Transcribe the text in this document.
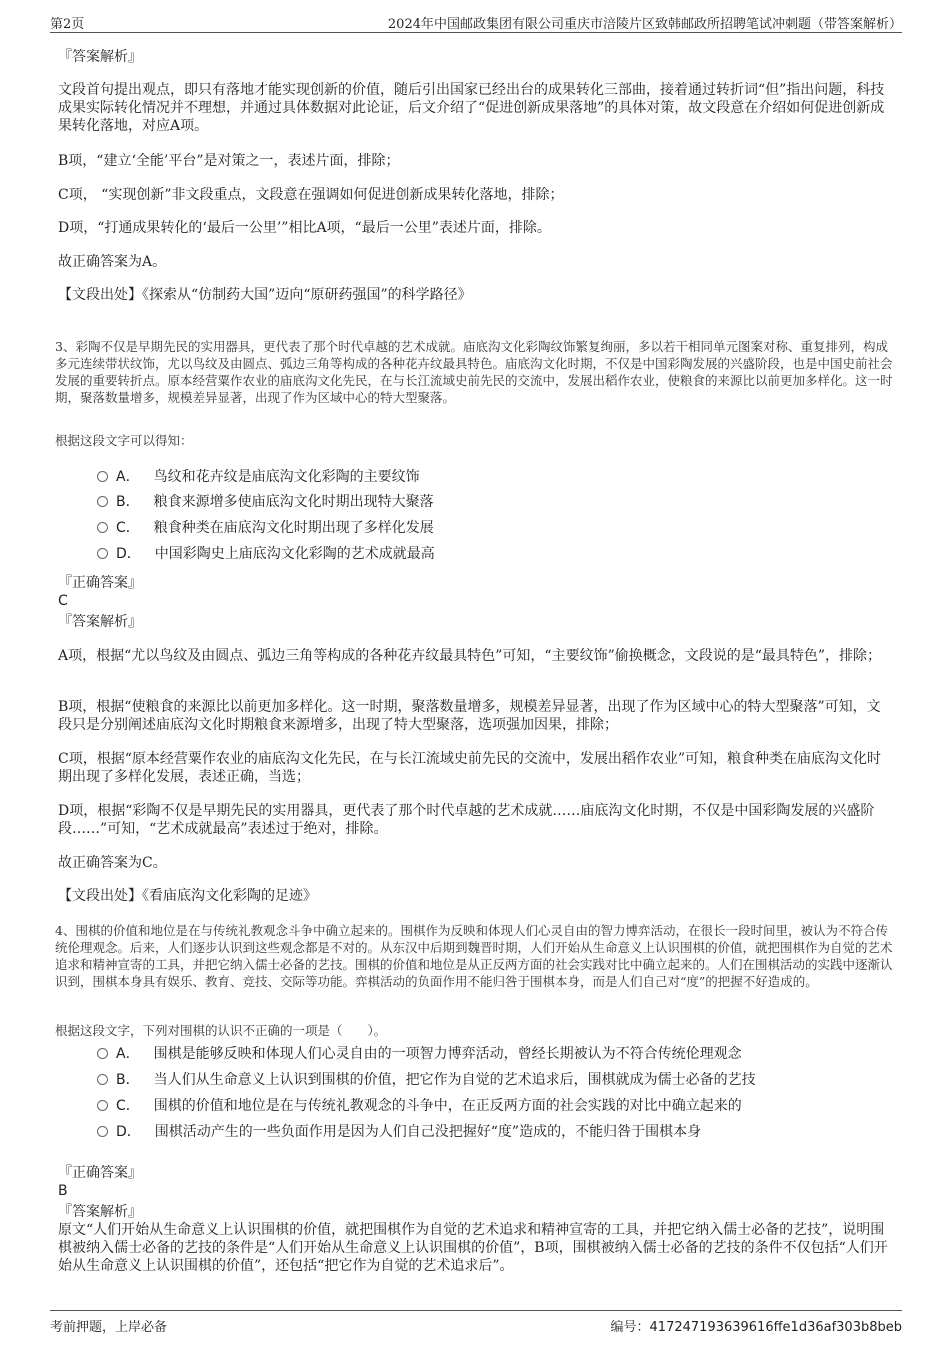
第2页	2024年中国邮政集团有限公司重庆市涪陵片区致韩邮政所招聘笔试冲刺题（带答案解析）
『答案解析』
文段首句提出观点，即只有落地才能实现创新的价值，随后引出国家已经出台的成果转化三部曲，接着通过转折词“但”指出问题，科技成果实际转化情况并不理想，并通过具体数据对此论证，后文介绍了“促进创新成果落地”的具体对策，故文段意在介绍如何促进创新成果转化落地，对应A项。
B项，“建立‘全能’平台”是对策之一，表述片面，排除；
C项， “实现创新”非文段重点，文段意在强调如何促进创新成果转化落地，排除；
D项，“打通成果转化的‘最后一公里’”相比A项，“最后一公里”表述片面，排除。
故正确答案为A。
【文段出处】《探索从“仿制药大国”迈向“原研药强国”的科学路径》
3、彩陶不仅是早期先民的实用器具，更代表了那个时代卓越的艺术成就。庙底沟文化彩陶纹饰繁复绚丽，多以若干相同单元图案对称、重复排列，构成多元连续带状纹饰，尤以鸟纹及由圆点、弧边三角等构成的各种花卉纹最具特色。庙底沟文化时期，不仅是中国彩陶发展的兴盛阶段，也是中国史前社会发展的重要转折点。原本经营粟作农业的庙底沟文化先民，在与长江流域史前先民的交流中，发展出稻作农业，使粮食的来源比以前更加多样化。这一时期，聚落数量增多，规模差异显著，出现了作为区域中心的特大型聚落。
根据这段文字可以得知：
A． 鸟纹和花卉纹是庙底沟文化彩陶的主要纹饰
B． 粮食来源增多使庙底沟文化时期出现特大聚落
C． 粮食种类在庙底沟文化时期出现了多样化发展
D． 中国彩陶史上庙底沟文化彩陶的艺术成就最高
『正确答案』
C
『答案解析』
A项，根据“尤以鸟纹及由圆点、弧边三角等构成的各种花卉纹最具特色”可知，“主要纹饰”偷换概念，文段说的是“最具特色”，排除；
B项，根据“使粮食的来源比以前更加多样化。这一时期，聚落数量增多，规模差异显著，出现了作为区域中心的特大型聚落”可知，文段只是分别阐述庙底沟文化时期粮食来源增多，出现了特大型聚落，选项强加因果，排除；
C项，根据“原本经营粟作农业的庙底沟文化先民，在与长江流域史前先民的交流中，发展出稻作农业”可知，粮食种类在庙底沟文化时期出现了多样化发展，表述正确，当选；
D项，根据“彩陶不仅是早期先民的实用器具，更代表了那个时代卓越的艺术成就……庙底沟文化时期，不仅是中国彩陶发展的兴盛阶段……”可知，“艺术成就最高”表述过于绝对，排除。
故正确答案为C。
【文段出处】《看庙底沟文化彩陶的足迹》
4、围棋的价值和地位是在与传统礼教观念斗争中确立起来的。围棋作为反映和体现人们心灵自由的智力博弈活动，在很长一段时间里，被认为不符合传统伦理观念。后来，人们逐步认识到这些观念都是不对的。从东汉中后期到魏晋时期，人们开始从生命意义上认识围棋的价值，就把围棋作为自觉的艺术追求和精神宣寄的工具，并把它纳入儒士必备的艺技。围棋的价值和地位是从正反两方面的社会实践对比中确立起来的。人们在围棋活动的实践中逐渐认识到，围棋本身具有娱乐、教育、竞技、交际等功能。弈棋活动的负面作用不能归咎于围棋本身，而是人们自己对“度”的把握不好造成的。
根据这段文字，下列对围棋的认识不正确的一项是（　　）。
A． 围棋是能够反映和体现人们心灵自由的一项智力博弈活动，曾经长期被认为不符合传统伦理观念
B． 当人们从生命意义上认识到围棋的价值，把它作为自觉的艺术追求后，围棋就成为儒士必备的艺技
C． 围棋的价值和地位是在与传统礼教观念的斗争中，在正反两方面的社会实践的对比中确立起来的
D． 围棋活动产生的一些负面作用是因为人们自己没把握好“度”造成的，不能归咎于围棋本身
『正确答案』
B
『答案解析』
原文“人们开始从生命意义上认识围棋的价值，就把围棋作为自觉的艺术追求和精神宣寄的工具，并把它纳入儒士必备的艺技”，说明围棋被纳入儒士必备的艺技的条件是“人们开始从生命意义上认识围棋的价值”，B项，围棋被纳入儒士必备的艺技的条件不仅包括“人们开始从生命意义上认识围棋的价值”，还包括“把它作为自觉的艺术追求后”。
考前押题，上岸必备	编号：417247193639616ffe1d36af303b8beb
